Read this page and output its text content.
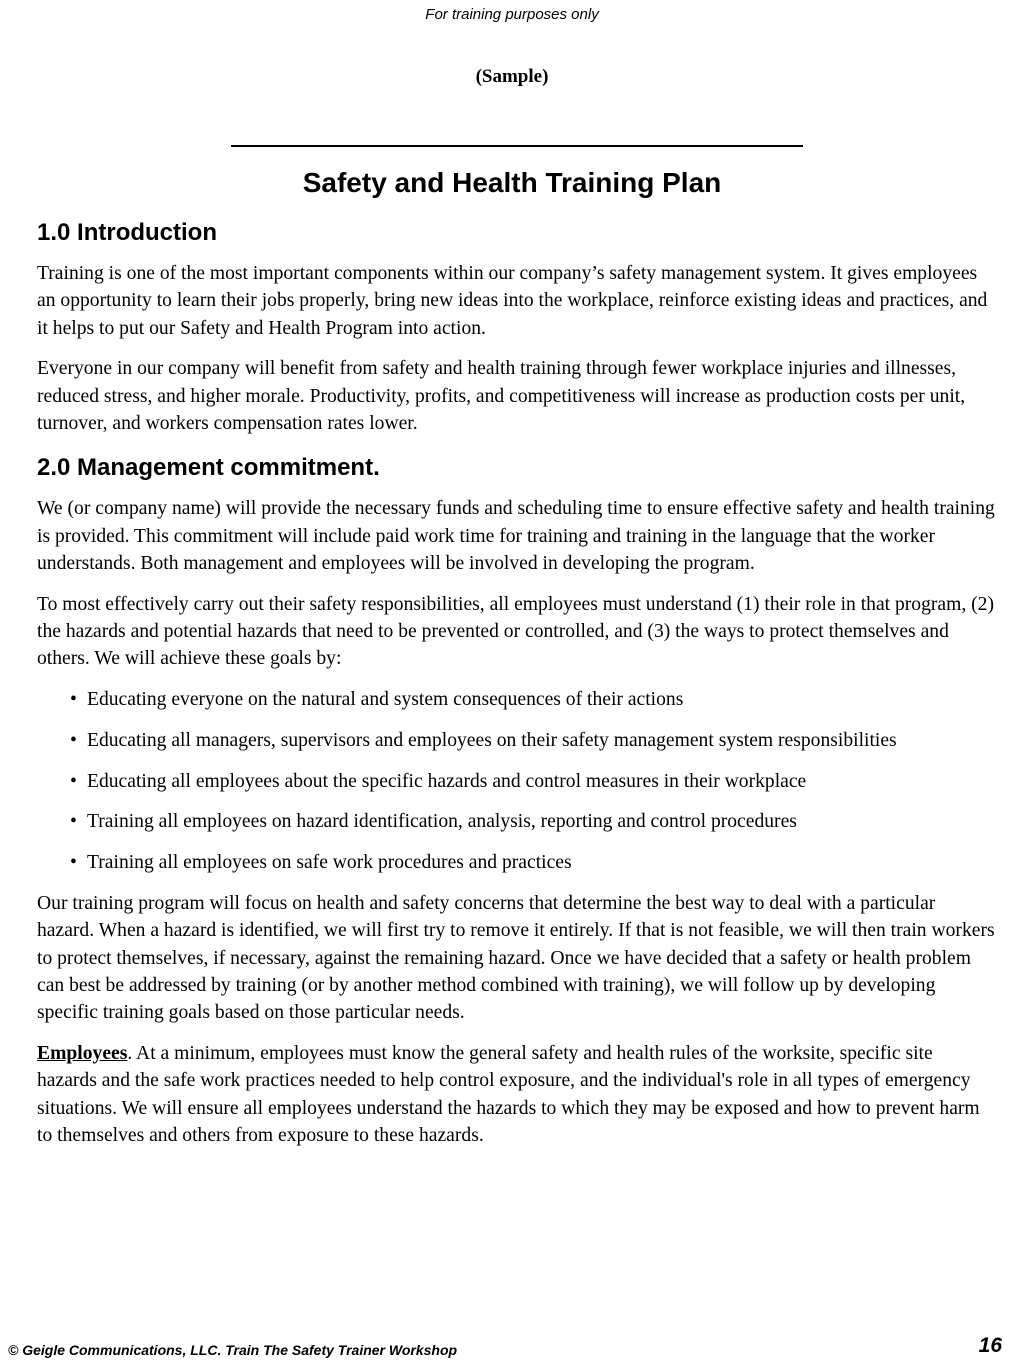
For training purposes only
(Sample)
Safety and Health Training Plan
1.0 Introduction

Training is one of the most important components within our company’s safety management system. It gives employees an opportunity to learn their jobs properly, bring new ideas into the workplace, reinforce existing ideas and practices, and it helps to put our Safety and Health Program into action.

Everyone in our company will benefit from safety and health training through fewer workplace injuries and illnesses, reduced stress, and higher morale. Productivity, profits, and competitiveness will increase as production costs per unit, turnover, and workers compensation rates lower.

2.0 Management commitment.

We (or company name) will provide the necessary funds and scheduling time to ensure effective safety and health training is provided. This commitment will include paid work time for training and training in the language that the worker understands. Both management and employees will be involved in developing the program.

To most effectively carry out their safety responsibilities, all employees must understand (1) their role in that program, (2) the hazards and potential hazards that need to be prevented or controlled, and (3) the ways to protect themselves and others. We will achieve these goals by:

• Educating everyone on the natural and system consequences of their actions
• Educating all managers, supervisors and employees on their safety management system responsibilities
• Educating all employees about the specific hazards and control measures in their workplace
• Training all employees on hazard identification, analysis, reporting and control procedures
• Training all employees on safe work procedures and practices

Our training program will focus on health and safety concerns that determine the best way to deal with a particular hazard. When a hazard is identified, we will first try to remove it entirely. If that is not feasible, we will then train workers to protect themselves, if necessary, against the remaining hazard. Once we have decided that a safety or health problem can best be addressed by training (or by another method combined with training), we will follow up by developing specific training goals based on those particular needs.

Employees. At a minimum, employees must know the general safety and health rules of the worksite, specific site hazards and the safe work practices needed to help control exposure, and the individual's role in all types of emergency situations. We will ensure all employees understand the hazards to which they may be exposed and how to prevent harm to themselves and others from exposure to these hazards.

© Geigle Communications, LLC. Train The Safety Trainer Workshop	16
